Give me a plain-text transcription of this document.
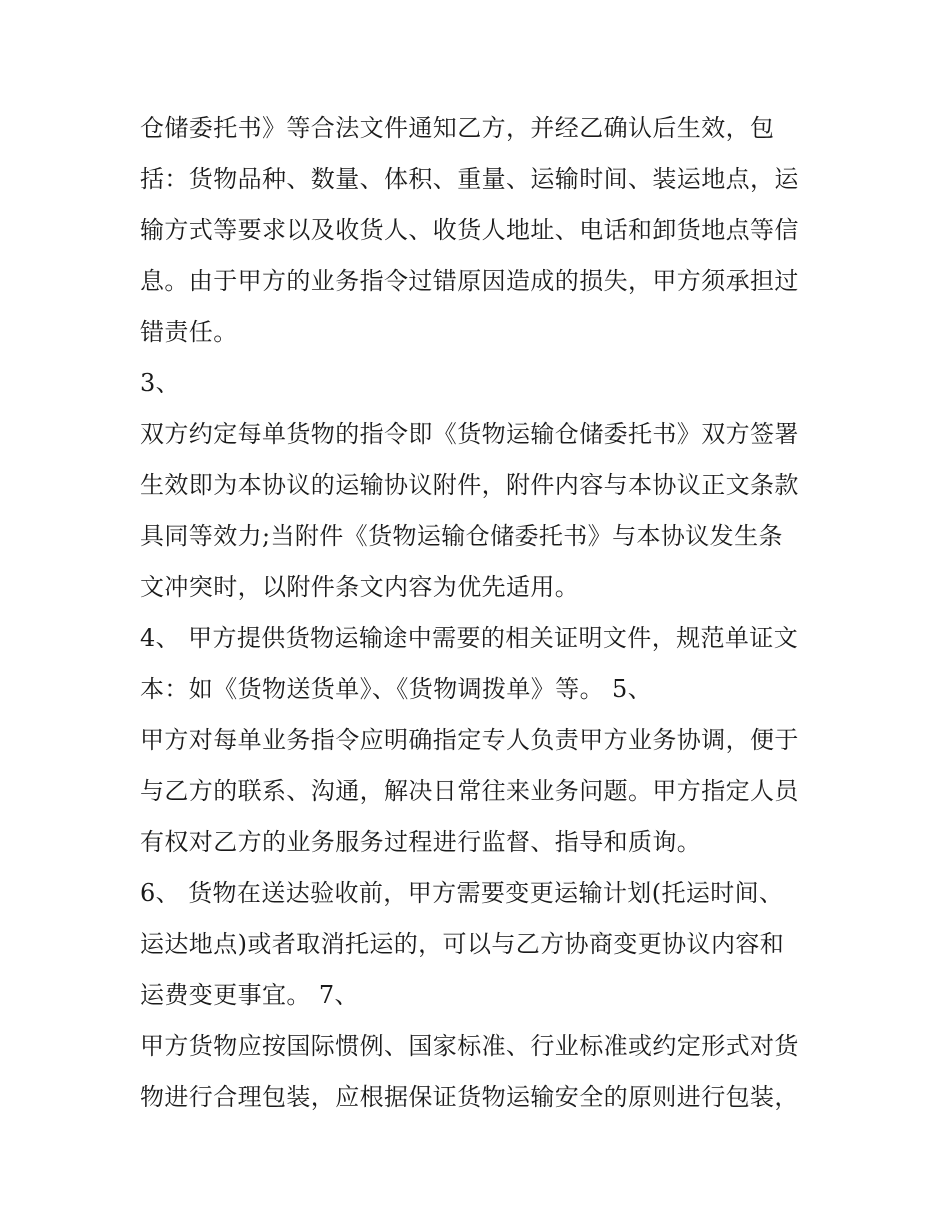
仓储委托书》等合法文件通知乙方，并经乙确认后生效，包
括：货物品种、数量、体积、重量、运输时间、装运地点，运
输方式等要求以及收货人、收货人地址、电话和卸货地点等信
息。由于甲方的业务指令过错原因造成的损失，甲方须承担过
错责任。
3、
双方约定每单货物的指令即《货物运输仓储委托书》双方签署
生效即为本协议的运输协议附件，附件内容与本协议正文条款
具同等效力;当附件《货物运输仓储委托书》与本协议发生条
文冲突时，以附件条文内容为优先适用。
4、 甲方提供货物运输途中需要的相关证明文件，规范单证文
本：如《货物送货单》、《货物调拨单》等。 5、
甲方对每单业务指令应明确指定专人负责甲方业务协调，便于
与乙方的联系、沟通，解决日常往来业务问题。甲方指定人员
有权对乙方的业务服务过程进行监督、指导和质询。
6、 货物在送达验收前，甲方需要变更运输计划(托运时间、
运达地点)或者取消托运的，可以与乙方协商变更协议内容和
运费变更事宜。 7、
甲方货物应按国际惯例、国家标准、行业标准或约定形式对货
物进行合理包装，应根据保证货物运输安全的原则进行包装，
